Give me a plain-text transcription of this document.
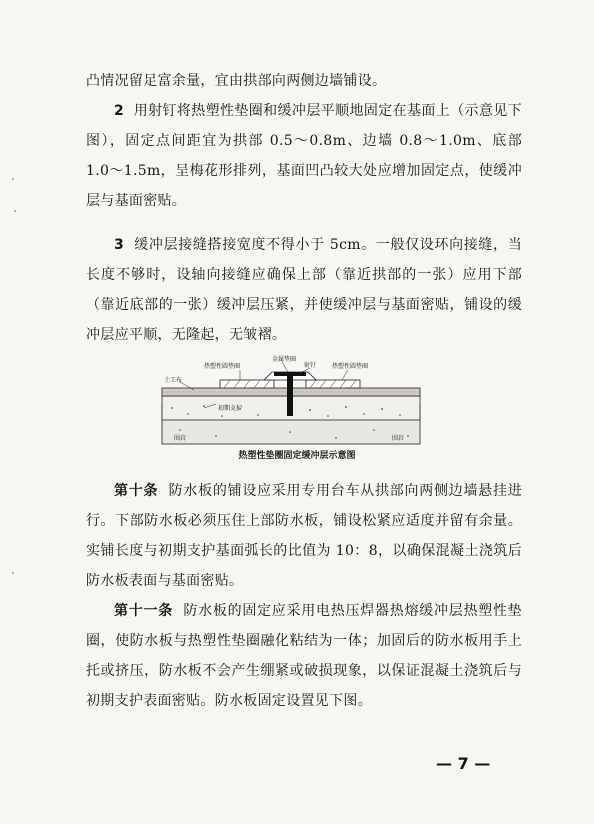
凸情况留足富余量，宜由拱部向两侧边墙铺设。

2 用射钉将热塑性垫圈和缓冲层平顺地固定在基面上（示意见下图），固定点间距宜为拱部 0.5～0.8m、边墙 0.8～1.0m、底部 1.0～1.5m，呈梅花形排列，基面凹凸较大处应增加固定点，使缓冲层与基面密贴。

3 缓冲层接缝搭接宽度不得小于 5cm。一般仅设环向接缝，当长度不够时，设轴向接缝应确保上部（靠近拱部的一张）应用下部（靠近底部的一张）缓冲层压紧，并使缓冲层与基面密贴，铺设的缓冲层应平顺，无隆起，无皱褶。

金属垫圈
热塑性圆垫圈	热塑性圆垫圈
射钉
土工布
初期支护
围岩	围岩
热塑性垫圈固定缓冲层示意图

第十条 防水板的铺设应采用专用台车从拱部向两侧边墙悬挂进行。下部防水板必须压住上部防水板，铺设松紧应适度并留有余量。实铺长度与初期支护基面弧长的比值为 10：8，以确保混凝土浇筑后防水板表面与基面密贴。

第十一条 防水板的固定应采用电热压焊器热熔缓冲层热塑性垫圈，使防水板与热塑性垫圈融化粘结为一体；加固后的防水板用手上托或挤压，防水板不会产生绷紧或破损现象，以保证混凝土浇筑后与初期支护表面密贴。防水板固定设置见下图。

— 7 —
